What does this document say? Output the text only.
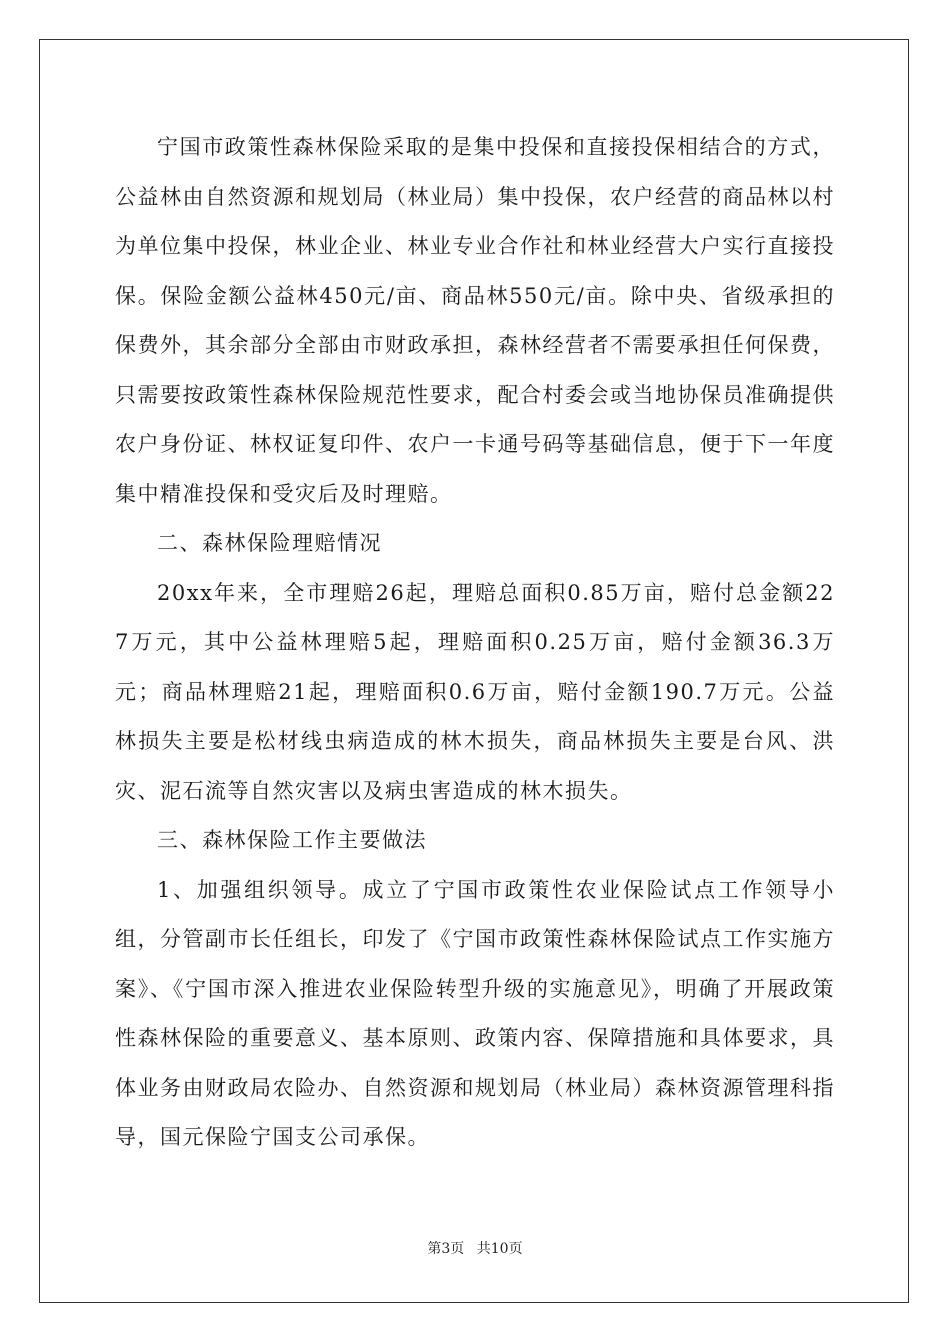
宁国市政策性森林保险采取的是集中投保和直接投保相结合的方式，公益林由自然资源和规划局（林业局）集中投保，农户经营的商品林以村为单位集中投保，林业企业、林业专业合作社和林业经营大户实行直接投保。保险金额公益林450元/亩、商品林550元/亩。除中央、省级承担的保费外，其余部分全部由市财政承担，森林经营者不需要承担任何保费，只需要按政策性森林保险规范性要求，配合村委会或当地协保员准确提供农户身份证、林权证复印件、农户一卡通号码等基础信息，便于下一年度集中精准投保和受灾后及时理赔。

二、森林保险理赔情况

20xx年来，全市理赔26起，理赔总面积0.85万亩，赔付总金额227万元，其中公益林理赔5起，理赔面积0.25万亩，赔付金额36.3万元；商品林理赔21起，理赔面积0.6万亩，赔付金额190.7万元。公益林损失主要是松材线虫病造成的林木损失，商品林损失主要是台风、洪灾、泥石流等自然灾害以及病虫害造成的林木损失。

三、森林保险工作主要做法

1、加强组织领导。成立了宁国市政策性农业保险试点工作领导小组，分管副市长任组长，印发了《宁国市政策性森林保险试点工作实施方案》、《宁国市深入推进农业保险转型升级的实施意见》，明确了开展政策性森林保险的重要意义、基本原则、政策内容、保障措施和具体要求，具体业务由财政局农险办、自然资源和规划局（林业局）森林资源管理科指导，国元保险宁国支公司承保。

第3页 共10页
